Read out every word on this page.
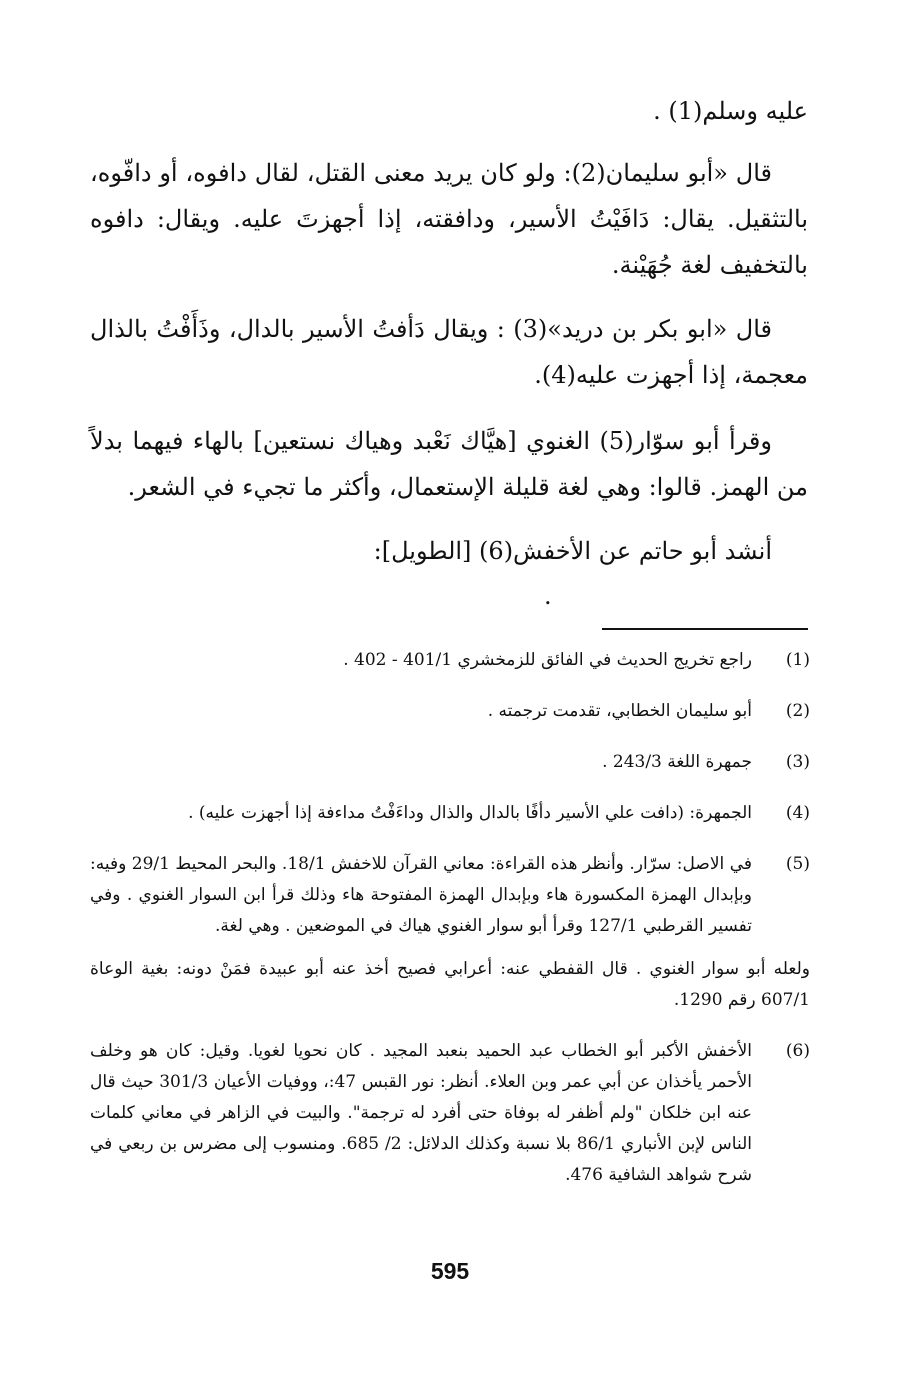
عليه وسلم(1) .

قال «أبو سليمان(2): ولو كان يريد معنى القتل، لقال دافوه، أو دافّوه، بالتثقيل. يقال: دَافَيْتُ الأسير، ودافقته، إذا أجهزتَ عليه. ويقال: دافوه بالتخفيف لغة جُهَيْنة.

قال «ابو بكر بن دريد»(3) : ويقال دَأفتُ الأسير بالدال، وذَأَفْتُ بالذال معجمة، إذا أجهزت عليه(4).

وقرأ أبو سوّار(5) الغنوي [هيَّاك نَعْبد وهياك نستعين] بالهاء فيهما بدلاً من الهمز. قالوا: وهي لغة قليلة الإستعمال، وأكثر ما تجيء في الشعر.

أنشد أبو حاتم عن الأخفش(6) [الطويل]:

.
(1)
راجع تخريج الحديث في الفائق للزمخشري 401/1 - 402 .
(2)
أبو سليمان الخطابي، تقدمت ترجمته .
(3)
جمهرة اللغة 243/3 .
(4)
الجمهرة: (دافت علي الأسير دأفًا بالدال والذال وداءَفْتُ مداءفة إذا أجهزت عليه) .
(5)
في الاصل: سرّار. وأنظر هذه القراءة: معاني القرآن للاخفش 18/1. والبحر المحيط 29/1 وفيه: وبإبدال الهمزة المكسورة هاء وبإبدال الهمزة المفتوحة هاء وذلك قرأ ابن السوار الغنوي . وفي تفسير القرطبي 127/1 وقرأ أبو سوار الغنوي هياك في الموضعين . وهي لغة.
ولعله أبو سوار الغنوي . قال القفطي عنه: أعرابي فصيح أخذ عنه أبو عبيدة فمَنْ دونه: بغية الوعاة 607/1 رقم 1290.
(6)
الأخفش الأكبر أبو الخطاب عبد الحميد بنعبد المجيد . كان نحويا لغويا. وقيل: كان هو وخلف الأحمر يأخذان عن أبي عمر وبن العلاء. أنظر: نور القبس 47:، ووفيات الأعيان 301/3 حيث قال عنه ابن خلكان "ولم أظفر له بوفاة حتى أفرد له ترجمة". والبيت في الزاهر في معاني كلمات الناس لإبن الأنباري 86/1 بلا نسبة وكذلك الدلائل: 2/ 685. ومنسوب إلى مضرس بن ربعي في شرح شواهد الشافية 476.
595
